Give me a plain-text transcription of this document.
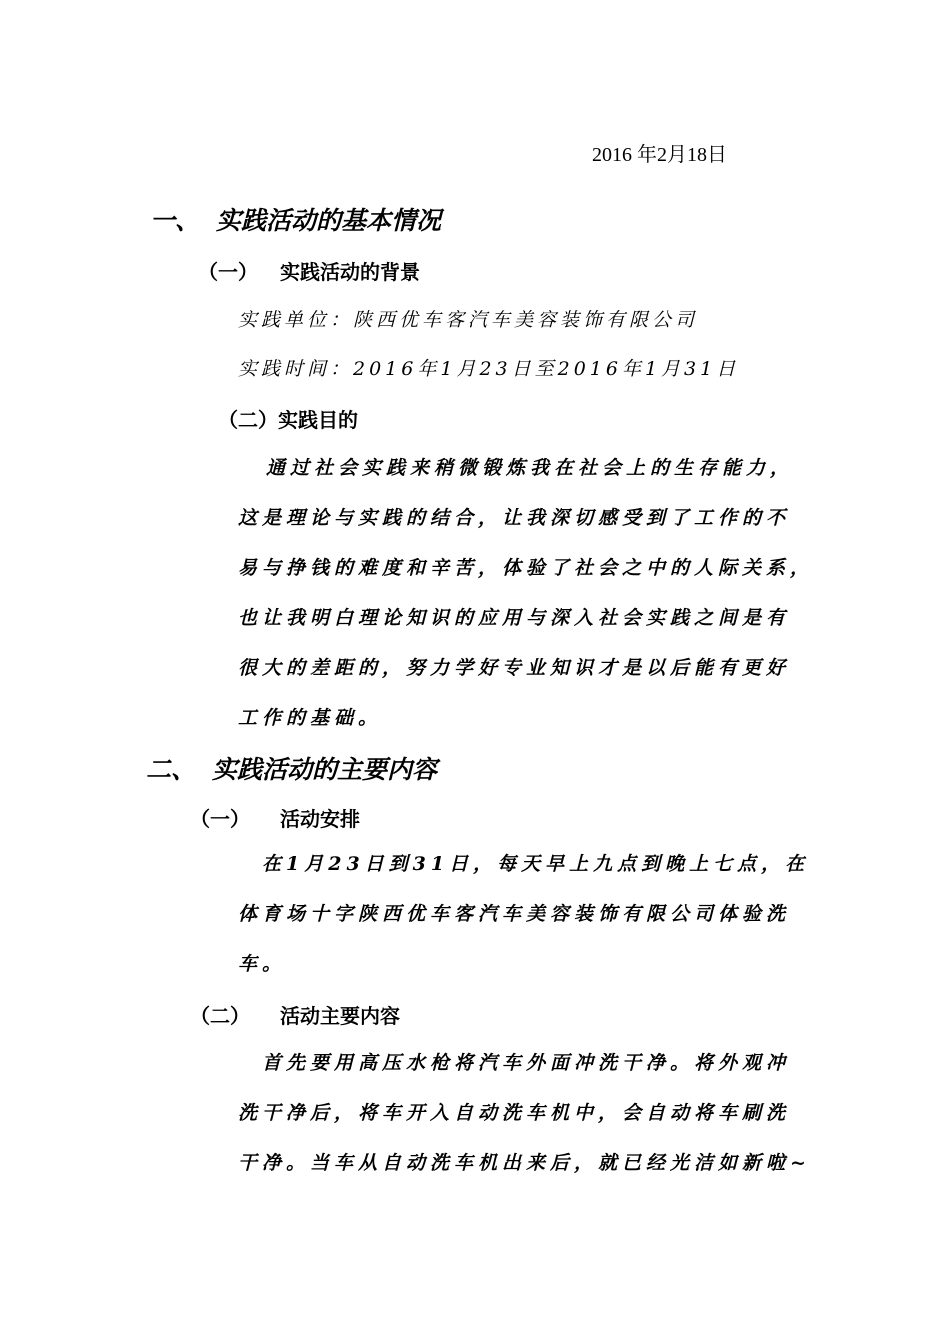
2016 年2月18日
一、 实践活动的基本情况
（一） 实践活动的背景
实践单位：陕西优车客汽车美容装饰有限公司
实践时间：2016年1月23日至2016年1月31日
（二）实践目的
通过社会实践来稍微锻炼我在社会上的生存能力，
这是理论与实践的结合，让我深切感受到了工作的不
易与挣钱的难度和辛苦，体验了社会之中的人际关系，
也让我明白理论知识的应用与深入社会实践之间是有
很大的差距的，努力学好专业知识才是以后能有更好
工作的基础。
二、 实践活动的主要内容
（一） 活动安排
在1月23日到31日，每天早上九点到晚上七点，在
体育场十字陕西优车客汽车美容装饰有限公司体验洗
车。
（二） 活动主要内容
首先要用高压水枪将汽车外面冲洗干净。将外观冲
洗干净后，将车开入自动洗车机中，会自动将车刷洗
干净。当车从自动洗车机出来后，就已经光洁如新啦~
